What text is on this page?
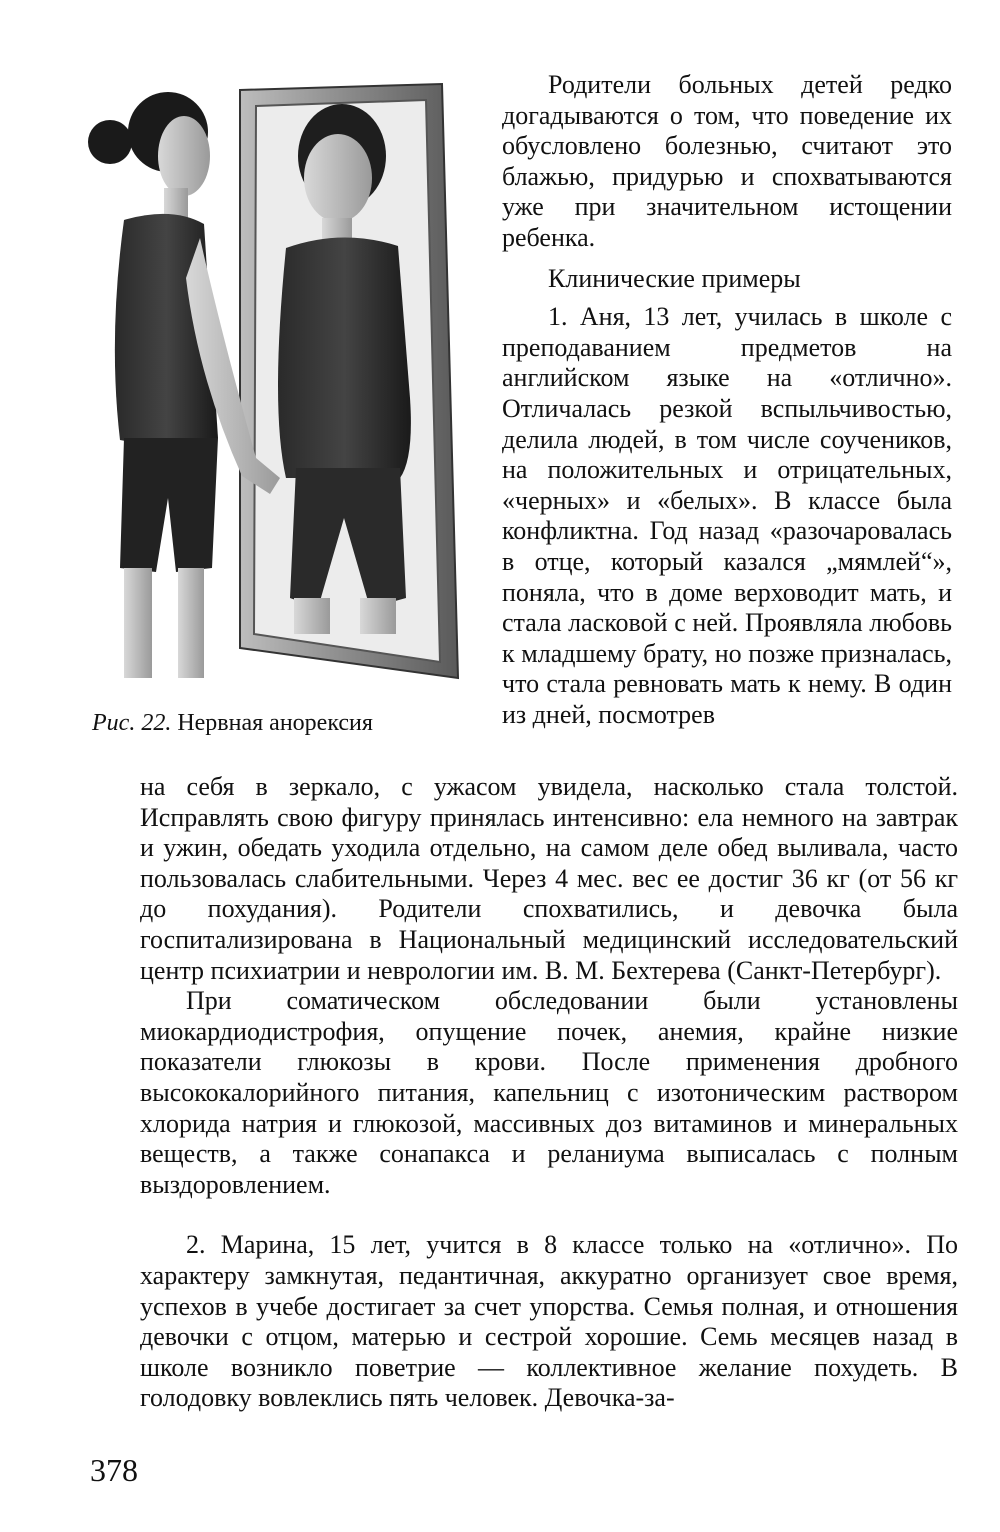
Рис. 22. Нервная анорексия

Родители больных детей редко догадываются о том, что поведение их обусловлено болезнью, считают это блажью, придурью и спохватываются уже при значительном истощении ребенка.

Клинические примеры

1. Аня, 13 лет, училась в школе с преподаванием предметов на английском языке на «отлично». Отличалась резкой вспыльчивостью, делила людей, в том числе соучеников, на положительных и отрицательных, «черных» и «белых». В классе была конфликтна. Год назад «разочаровалась в отце, который казался „мямлей“», поняла, что в доме верховодит мать, и стала ласковой с ней. Проявляла любовь к младшему брату, но позже призналась, что стала ревновать мать к нему. В один из дней, посмотрев

на себя в зеркало, с ужасом увидела, насколько стала толстой. Исправлять свою фигуру принялась интенсивно: ела немного на завтрак и ужин, обедать уходила отдельно, на самом деле обед выливала, часто пользовалась слабительными. Через 4 мес. вес ее достиг 36 кг (от 56 кг до похудания). Родители спохватились, и девочка была госпитализирована в Национальный медицинский исследовательский центр психиатрии и неврологии им. В. М. Бехтерева (Санкт-Петербург).

При соматическом обследовании были установлены миокардиодистрофия, опущение почек, анемия, крайне низкие показатели глюкозы в крови. После применения дробного высококалорийного питания, капельниц с изотоническим раствором хлорида натрия и глюкозой, массивных доз витаминов и минеральных веществ, а также сонапакса и реланиума выписалась с полным выздоровлением.

2. Марина, 15 лет, учится в 8 классе только на «отлично». По характеру замкнутая, педантичная, аккуратно организует свое время, успехов в учебе достигает за счет упорства. Семья полная, и отношения девочки с отцом, матерью и сестрой хорошие. Семь месяцев назад в школе возникло поветрие — коллективное желание похудеть. В голодовку вовлеклись пять человек. Девочка-за-

378
